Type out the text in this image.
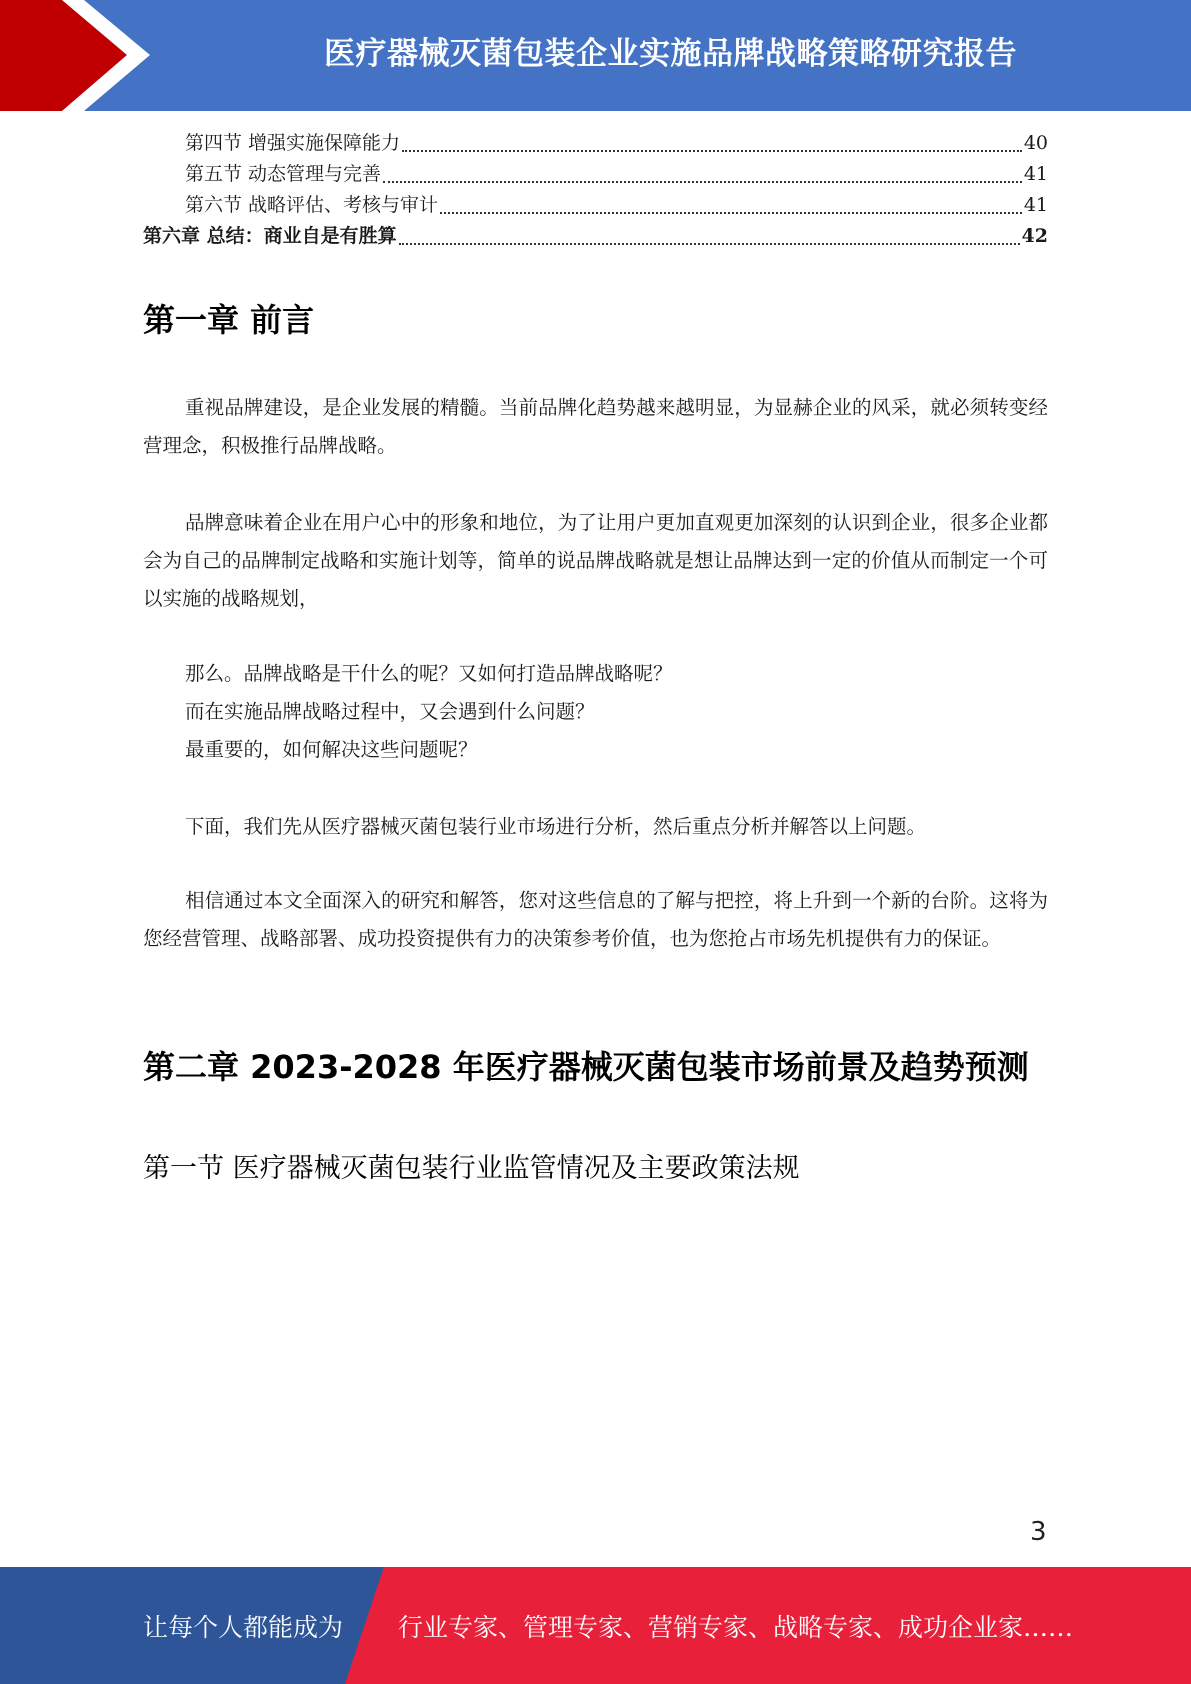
医疗器械灭菌包装企业实施品牌战略策略研究报告
第四节 增强实施保障能力	40
第五节 动态管理与完善	41
第六节 战略评估、考核与审计	41
第六章 总结：商业自是有胜算	42
第一章 前言

重视品牌建设，是企业发展的精髓。当前品牌化趋势越来越明显，为显赫企业的风采，就必须转变经营理念，积极推行品牌战略。

品牌意味着企业在用户心中的形象和地位，为了让用户更加直观更加深刻的认识到企业，很多企业都会为自己的品牌制定战略和实施计划等，简单的说品牌战略就是想让品牌达到一定的价值从而制定一个可以实施的战略规划，

那么。品牌战略是干什么的呢？又如何打造品牌战略呢？

而在实施品牌战略过程中，又会遇到什么问题？

最重要的，如何解决这些问题呢？

下面，我们先从医疗器械灭菌包装行业市场进行分析，然后重点分析并解答以上问题。

相信通过本文全面深入的研究和解答，您对这些信息的了解与把控，将上升到一个新的台阶。这将为您经营管理、战略部署、成功投资提供有力的决策参考价值，也为您抢占市场先机提供有力的保证。

第二章 2023-2028 年医疗器械灭菌包装市场前景及趋势预测
第一节 医疗器械灭菌包装行业监管情况及主要政策法规
3
让每个人都能成为 行业专家、管理专家、营销专家、战略专家、成功企业家……
